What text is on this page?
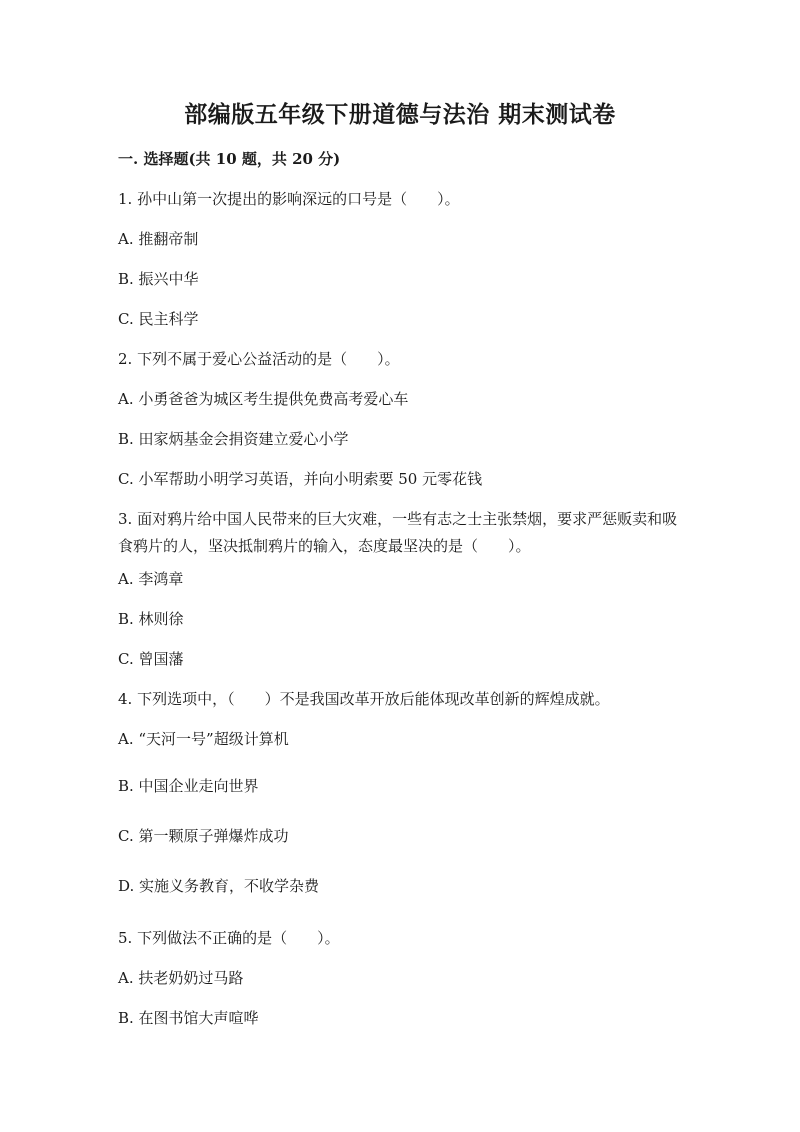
部编版五年级下册道德与法治 期末测试卷
一. 选择题(共 10 题，共 20 分)
1. 孙中山第一次提出的影响深远的口号是（　　）。
A. 推翻帝制
B. 振兴中华
C. 民主科学
2. 下列不属于爱心公益活动的是（　　）。
A. 小勇爸爸为城区考生提供免费高考爱心车
B. 田家炳基金会捐资建立爱心小学
C. 小军帮助小明学习英语，并向小明索要 50 元零花钱
3. 面对鸦片给中国人民带来的巨大灾难，一些有志之士主张禁烟，要求严惩贩卖和吸食鸦片的人，坚决抵制鸦片的输入，态度最坚决的是（　　）。
A. 李鸿章
B. 林则徐
C. 曾国藩
4. 下列选项中，（　　）不是我国改革开放后能体现改革创新的辉煌成就。
A. “天河一号”超级计算机
B. 中国企业走向世界
C. 第一颗原子弹爆炸成功
D. 实施义务教育，不收学杂费
5. 下列做法不正确的是（　　）。
A. 扶老奶奶过马路
B. 在图书馆大声喧哗
